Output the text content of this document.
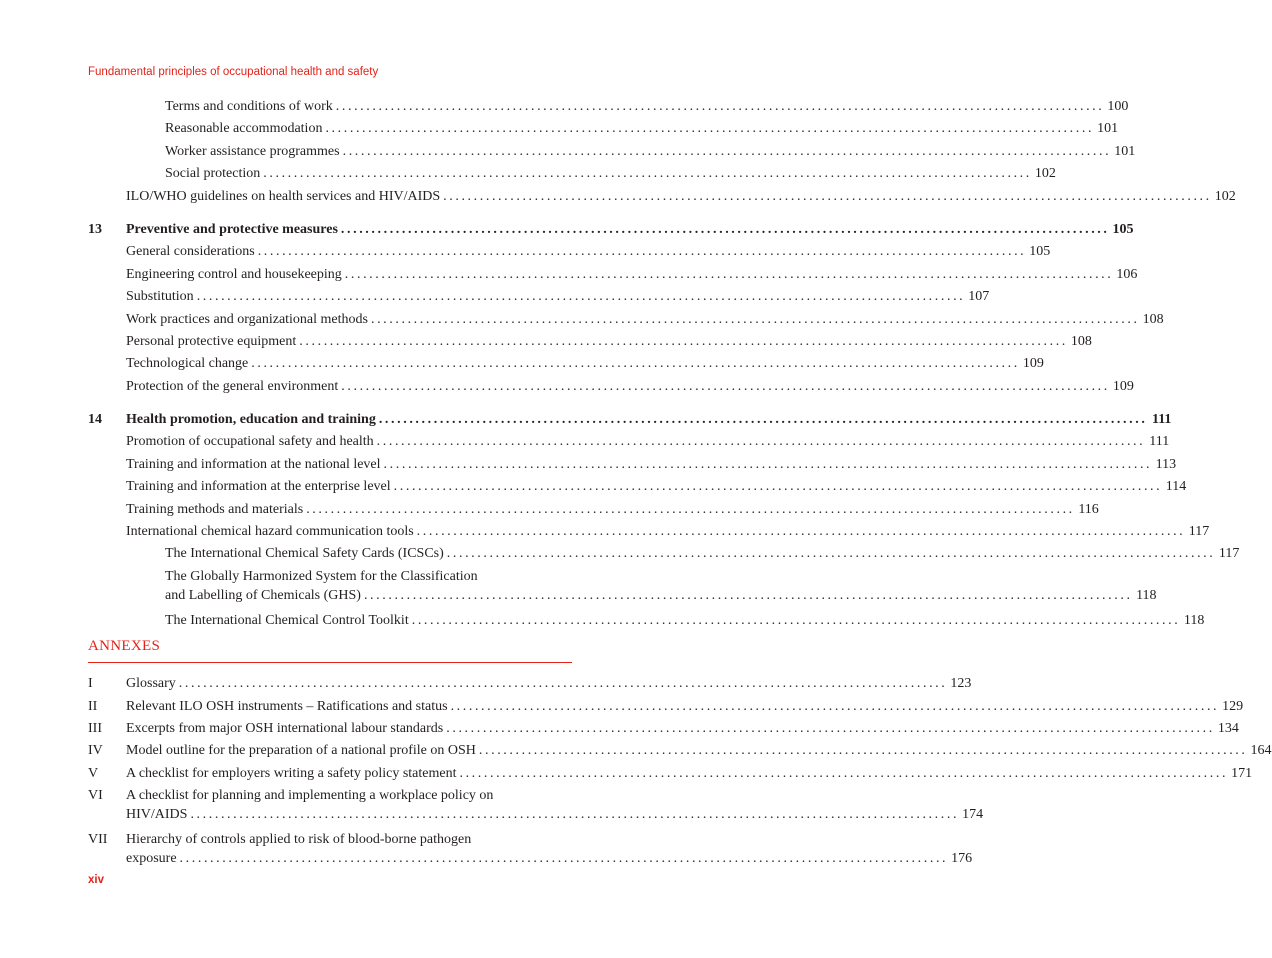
Fundamental principles of occupational health and safety
Terms and conditions of work .............................................................................................................................. 100
Reasonable accommodation .............................................................................................................................. 101
Worker assistance programmes .............................................................................................................................. 101
Social protection .............................................................................................................................. 102
ILO/WHO guidelines on health services and HIV/AIDS .............................................................................................................................. 102
13 Preventive and protective measures .............................................................................................................................. 105
General considerations .............................................................................................................................. 105
Engineering control and housekeeping .............................................................................................................................. 106
Substitution .............................................................................................................................. 107
Work practices and organizational methods .............................................................................................................................. 108
Personal protective equipment .............................................................................................................................. 108
Technological change .............................................................................................................................. 109
Protection of the general environment .............................................................................................................................. 109
14 Health promotion, education and training .............................................................................................................................. 111
Promotion of occupational safety and health .............................................................................................................................. 111
Training and information at the national level .............................................................................................................................. 113
Training and information at the enterprise level .............................................................................................................................. 114
Training methods and materials .............................................................................................................................. 116
International chemical hazard communication tools .............................................................................................................................. 117
The International Chemical Safety Cards (ICSCs) .............................................................................................................................. 117
The Globally Harmonized System for the Classification
and Labelling of Chemicals (GHS) .............................................................................................................................. 118
The International Chemical Control Toolkit .............................................................................................................................. 118
ANNEXES
I Glossary .............................................................................................................................. 123
II Relevant ILO OSH instruments – Ratifications and status .............................................................................................................................. 129
III Excerpts from major OSH international labour standards .............................................................................................................................. 134
IV Model outline for the preparation of a national profile on OSH .............................................................................................................................. 164
V A checklist for employers writing a safety policy statement .............................................................................................................................. 171
VI A checklist for planning and implementing a workplace policy on
HIV/AIDS .............................................................................................................................. 174
VII Hierarchy of controls applied to risk of blood-borne pathogen
exposure .............................................................................................................................. 176
xiv
